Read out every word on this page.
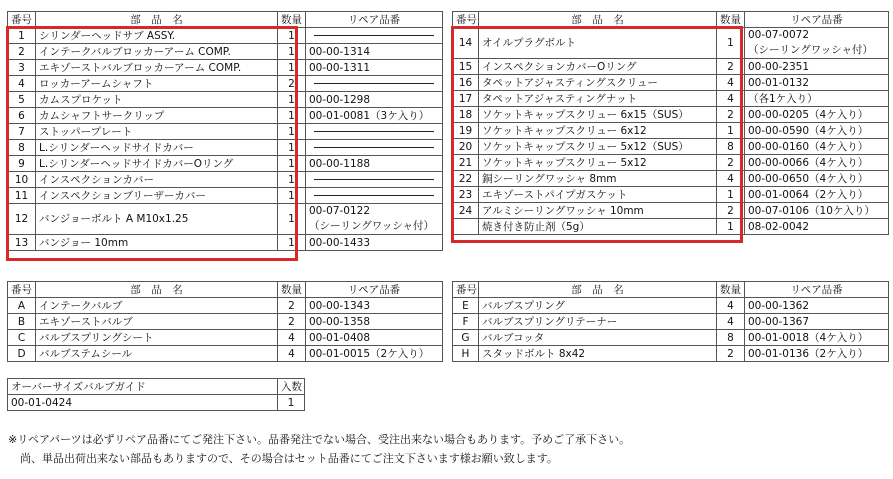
番号	部　品　名	数量	リペア品番
1	シリンダーヘッドサブ ASSY.	1	
2	インテークバルブロッカーアーム COMP.	1	00-00-1314
3	エキゾーストバルブロッカーアーム COMP.	1	00-00-1311
4	ロッカーアームシャフト	2	
5	カムスプロケット	1	00-00-1298
6	カムシャフトサークリップ	1	00-01-0081（3ケ入り）
7	ストッパープレート	1	
8	L.シリンダーヘッドサイドカバー	1	
9	L.シリンダーヘッドサイドカバーOリング	1	00-00-1188
10	インスペクションカバー	1	
11	インスペクションブリーザーカバー	1	
12	バンジョーボルト A M10x1.25	1	00-07-0122
（シーリングワッシャ付）

13	バンジョー 10mm	1	00-00-1433
番号	部　品　名	数量	リペア品番
14	オイルプラグボルト	1	00-07-0072
（シーリングワッシャ付）

15	インスペクションカバーOリング	2	00-00-2351
16	タペットアジャスティングスクリュー	4	00-01-0132
17	タペットアジャスティングナット	4	（各1ケ入り）
18	ソケットキャップスクリュー 6x15（SUS）	2	00-00-0205（4ケ入り）
19	ソケットキャップスクリュー 6x12	1	00-00-0590（4ケ入り）
20	ソケットキャップスクリュー 5x12（SUS）	8	00-00-0160（4ケ入り）
21	ソケットキャップスクリュー 5x12	2	00-00-0066（4ケ入り）
22	銅シーリングワッシャ 8mm	4	00-00-0650（4ケ入り）
23	エキゾーストパイプガスケット	1	00-01-0064（2ケ入り）
24	アルミシーリングワッシャ 10mm	2	00-07-0106（10ケ入り）
	焼き付き防止剤（5g）	1	08-02-0042
番号	部　品　名	数量	リペア品番
A	インテークバルブ	2	00-00-1343
B	エキゾーストバルブ	2	00-00-1358
C	バルブスプリングシート	4	00-01-0408
D	バルブステムシール	4	00-01-0015（2ケ入り）
番号	部　品　名	数量	リペア品番
E	バルブスプリング	4	00-00-1362
F	バルブスプリングリテーナー	4	00-00-1367
G	バルブコッタ	8	00-01-0018（4ケ入り）
H	スタッドボルト 8x42	2	00-01-0136（2ケ入り）
オーバーサイズバルブガイド	入数
00-01-0424	1
※リペアパーツは必ずリペア品番にてご発注下さい。品番発注でない場合、受注出来ない場合もあります。予めご了承下さい。
尚、単品出荷出来ない部品もありますので、その場合はセット品番にてご注文下さいます様お願い致します。
